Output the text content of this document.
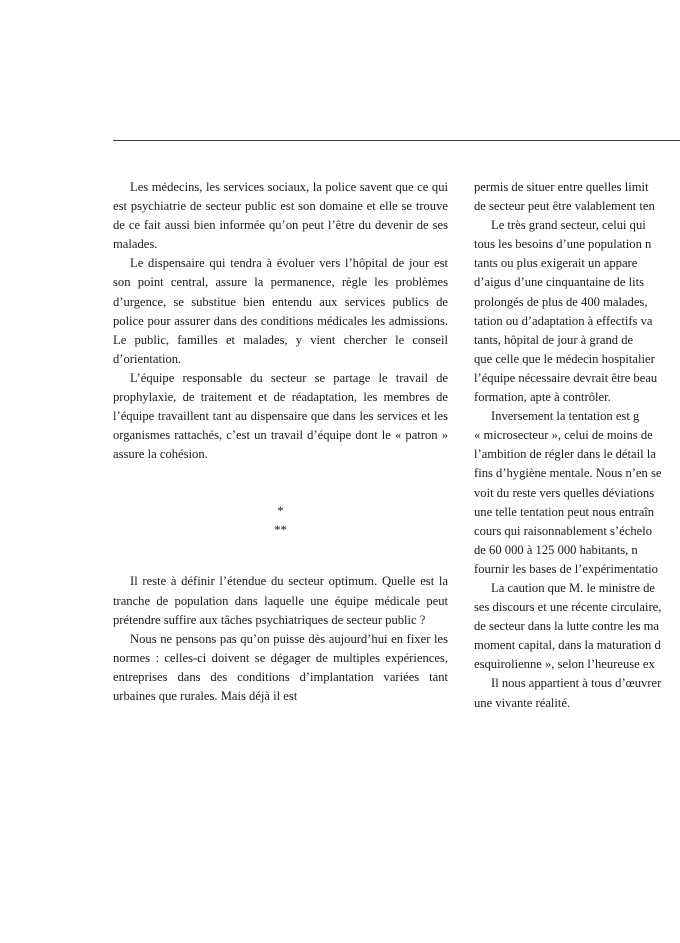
Les médecins, les services sociaux, la police savent que ce qui est psychiatrie de secteur public est son domaine et elle se trouve de ce fait aussi bien informée qu’on peut l’être du devenir de ses malades.

Le dispensaire qui tendra à évoluer vers l’hôpital de jour est son point central, assure la permanence, règle les problèmes d’urgence, se substitue bien entendu aux services publics de police pour assurer dans des conditions médicales les admissions. Le public, familles et malades, y vient chercher le conseil d’orientation.

L’équipe responsable du secteur se partage le travail de prophylaxie, de traitement et de réadaptation, les membres de l’équipe travaillent tant au dispensaire que dans les services et les organismes rattachés, c’est un travail d’équipe dont le « patron » assure la cohésion.

*
**

Il reste à définir l’étendue du secteur optimum. Quelle est la tranche de population dans laquelle une équipe médicale peut prétendre suffire aux tâches psychiatriques de secteur public ?

Nous ne pensons pas qu’on puisse dès aujourd’hui en fixer les normes : celles-ci doivent se dégager de multiples expériences, entreprises dans des conditions d’implantation variées tant urbaines que rurales. Mais déjà il est

permis de situer entre quelles limit
de secteur peut être valablement ten
Le très grand secteur, celui qui
tous les besoins d’une population n
tants ou plus exigerait un appare
d’aigus d’une cinquantaine de lits
prolongés de plus de 400 malades,
tation ou d’adaptation à effectifs va
tants, hôpital de jour à grand de
que celle que le médecin hospitalier
l’équipe nécessaire devrait être beau
formation, apte à contrôler.
Inversement la tentation est g
« microsecteur », celui de moins de
l’ambition de régler dans le détail la
fins d’hygiène mentale. Nous n’en se
voit du reste vers quelles déviations
une telle tentation peut nous entraîn
cours qui raisonnablement s’échelo
de 60 000 à 125 000 habitants, n
fournir les bases de l’expérimentatio
La caution que M. le ministre de
ses discours et une récente circulaire,
de secteur dans la lutte contre les ma
moment capital, dans la maturation d
esquirolienne », selon l’heureuse ex
Il nous appartient à tous d’œuvrer
une vivante réalité.
